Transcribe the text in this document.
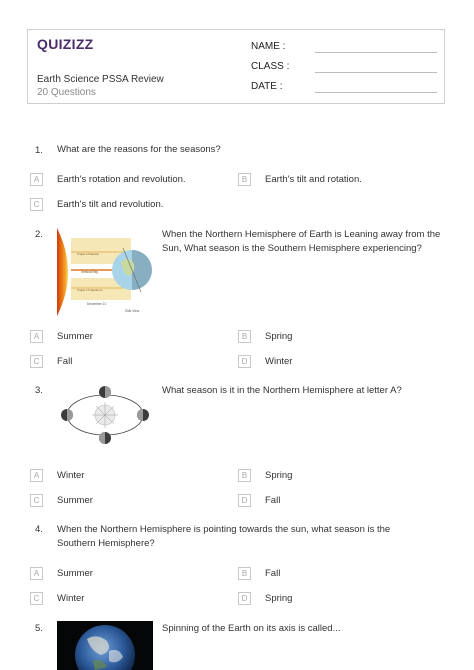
QUIZIZZ
Earth Science PSSA Review
20 Questions
NAME :
CLASS :
DATE :
1. What are the reasons for the seasons?
A	Earth's rotation and revolution.	B	Earth's tilt and rotation.
C	Earth's tilt and revolution.
2.
Vertical Ray
Tropic of Cancer
Tropic of Capricorn
December 21
Side View
When the Northern Hemisphere of Earth is Leaning away from the Sun, What season is the Southern Hemisphere experiencing?
A	Summer	B	Spring
C	Fall	D	Winter
3.	What season is it in the Northern Hemisphere at letter A?
A	Winter	B	Spring
C	Summer	D	Fall
4. When the Northern Hemisphere is pointing towards the sun, what season is the Southern Hemisphere?
A	Summer	B	Fall
C	Winter	D	Spring
5.	Spinning of the Earth on its axis is called...
